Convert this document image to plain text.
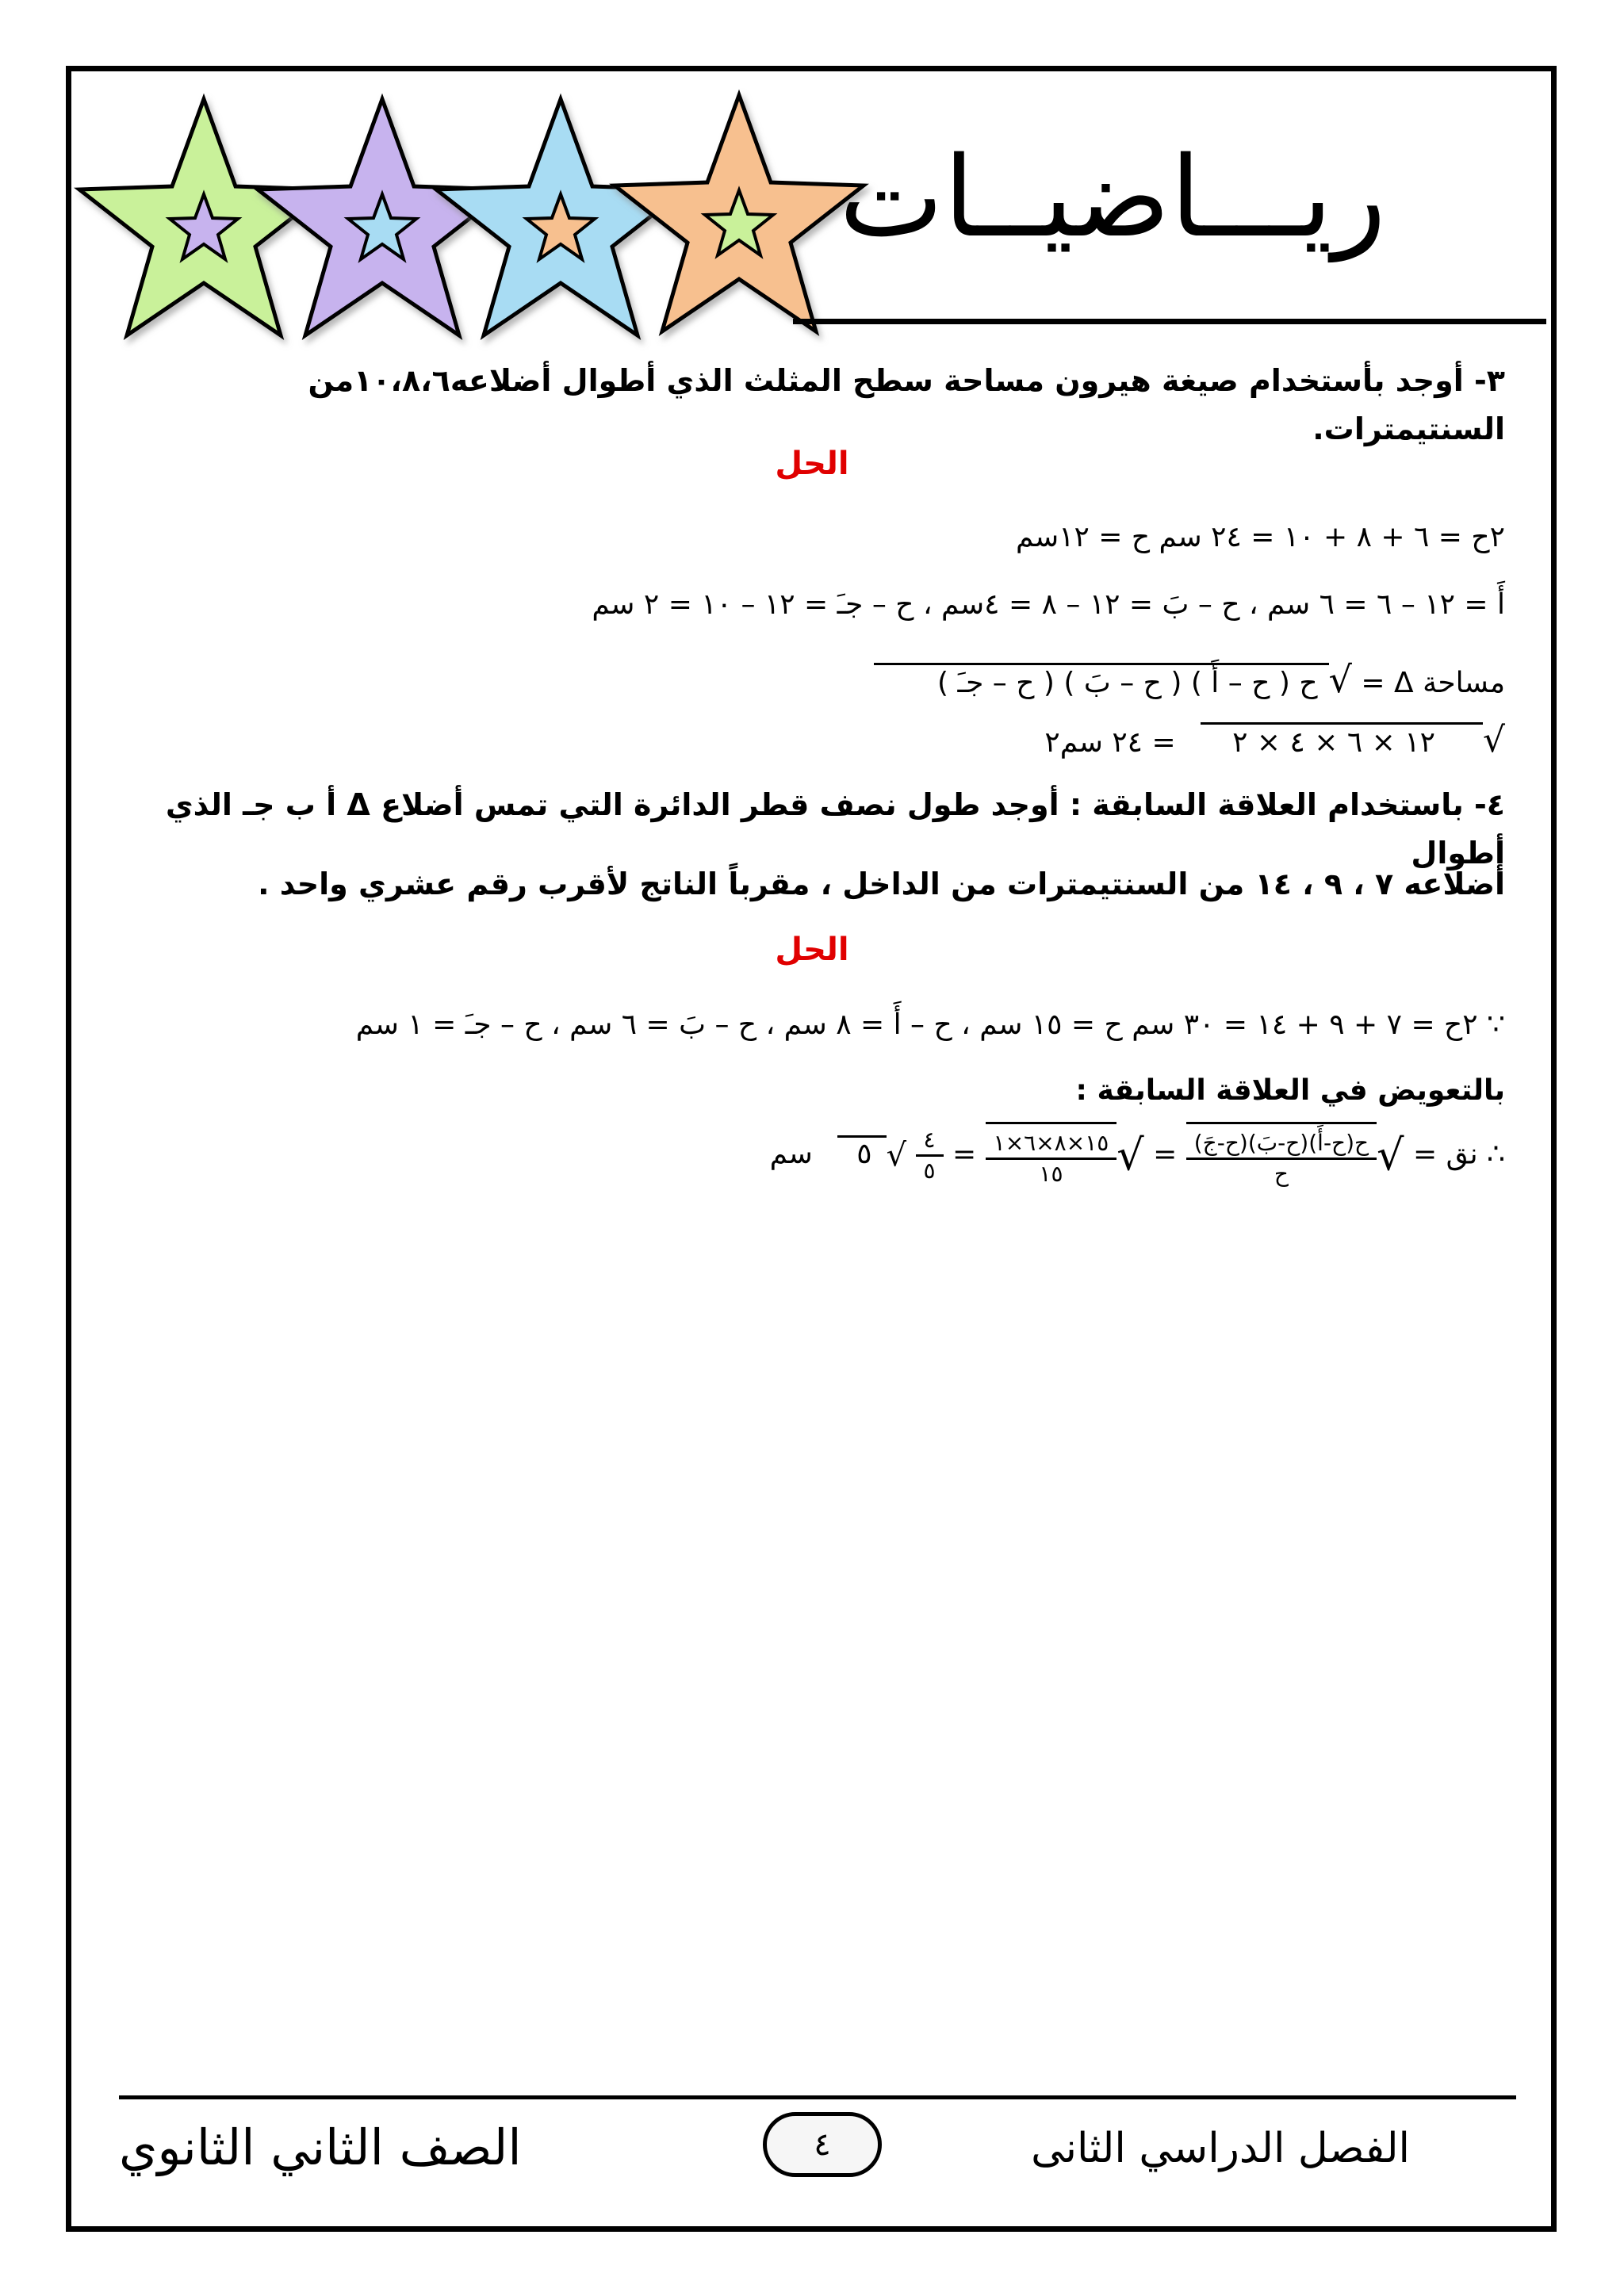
ريـــاضيــات
٣- أوجد بأستخدام صيغة هيرون مساحة سطح المثلث الذي أطوال أضلاعه١٠،٨،٦من السنتيمترات.
الحل
٢ح = ٦ + ٨ + ١٠ = ٢٤ سم ح = ١٢سم
أَ = ١٢ – ٦ = ٦ سم ، ح – بَ = ١٢ – ٨ = ٤سم ، ح – جـَ = ١٢ – ١٠ = ٢ سم
مساحة Δ = √ح ( ح – أَ ) ( ح – بَ ) ( ح – جـَ )
√١٢ × ٦ × ٤ × ٢ = ٢٤ سم٢
٤- باستخدام العلاقة السابقة : أوجد طول نصف قطر الدائرة التي تمس أضلاع Δ أ ب جـ الذي أطوال
أضلاعه ٧ ، ٩ ، ١٤ من السنتيمترات من الداخل ، مقرباً الناتج لأقرب رقم عشري واحد .
الحل
∵ ٢ح = ٧ + ٩ + ١٤ = ٣٠ سم ح = ١٥ سم ، ح – أَ = ٨ سم ، ح – بَ = ٦ سم ، ح – جـَ = ١ سم
بالتعويض في العلاقة السابقة :
∴ نق = √
$\frac{\text{ح(ح-أَ)(ح-بَ)(ح-جَ)}}{\text{ح}}$
= √
$\frac{١٥\times ٨\times ٦\times ١}{١٥}$
=
$\frac{٤}{٥}$
√٥ سم
الفصل الدراسي الثانى
٤
الصف الثاني الثانوي
